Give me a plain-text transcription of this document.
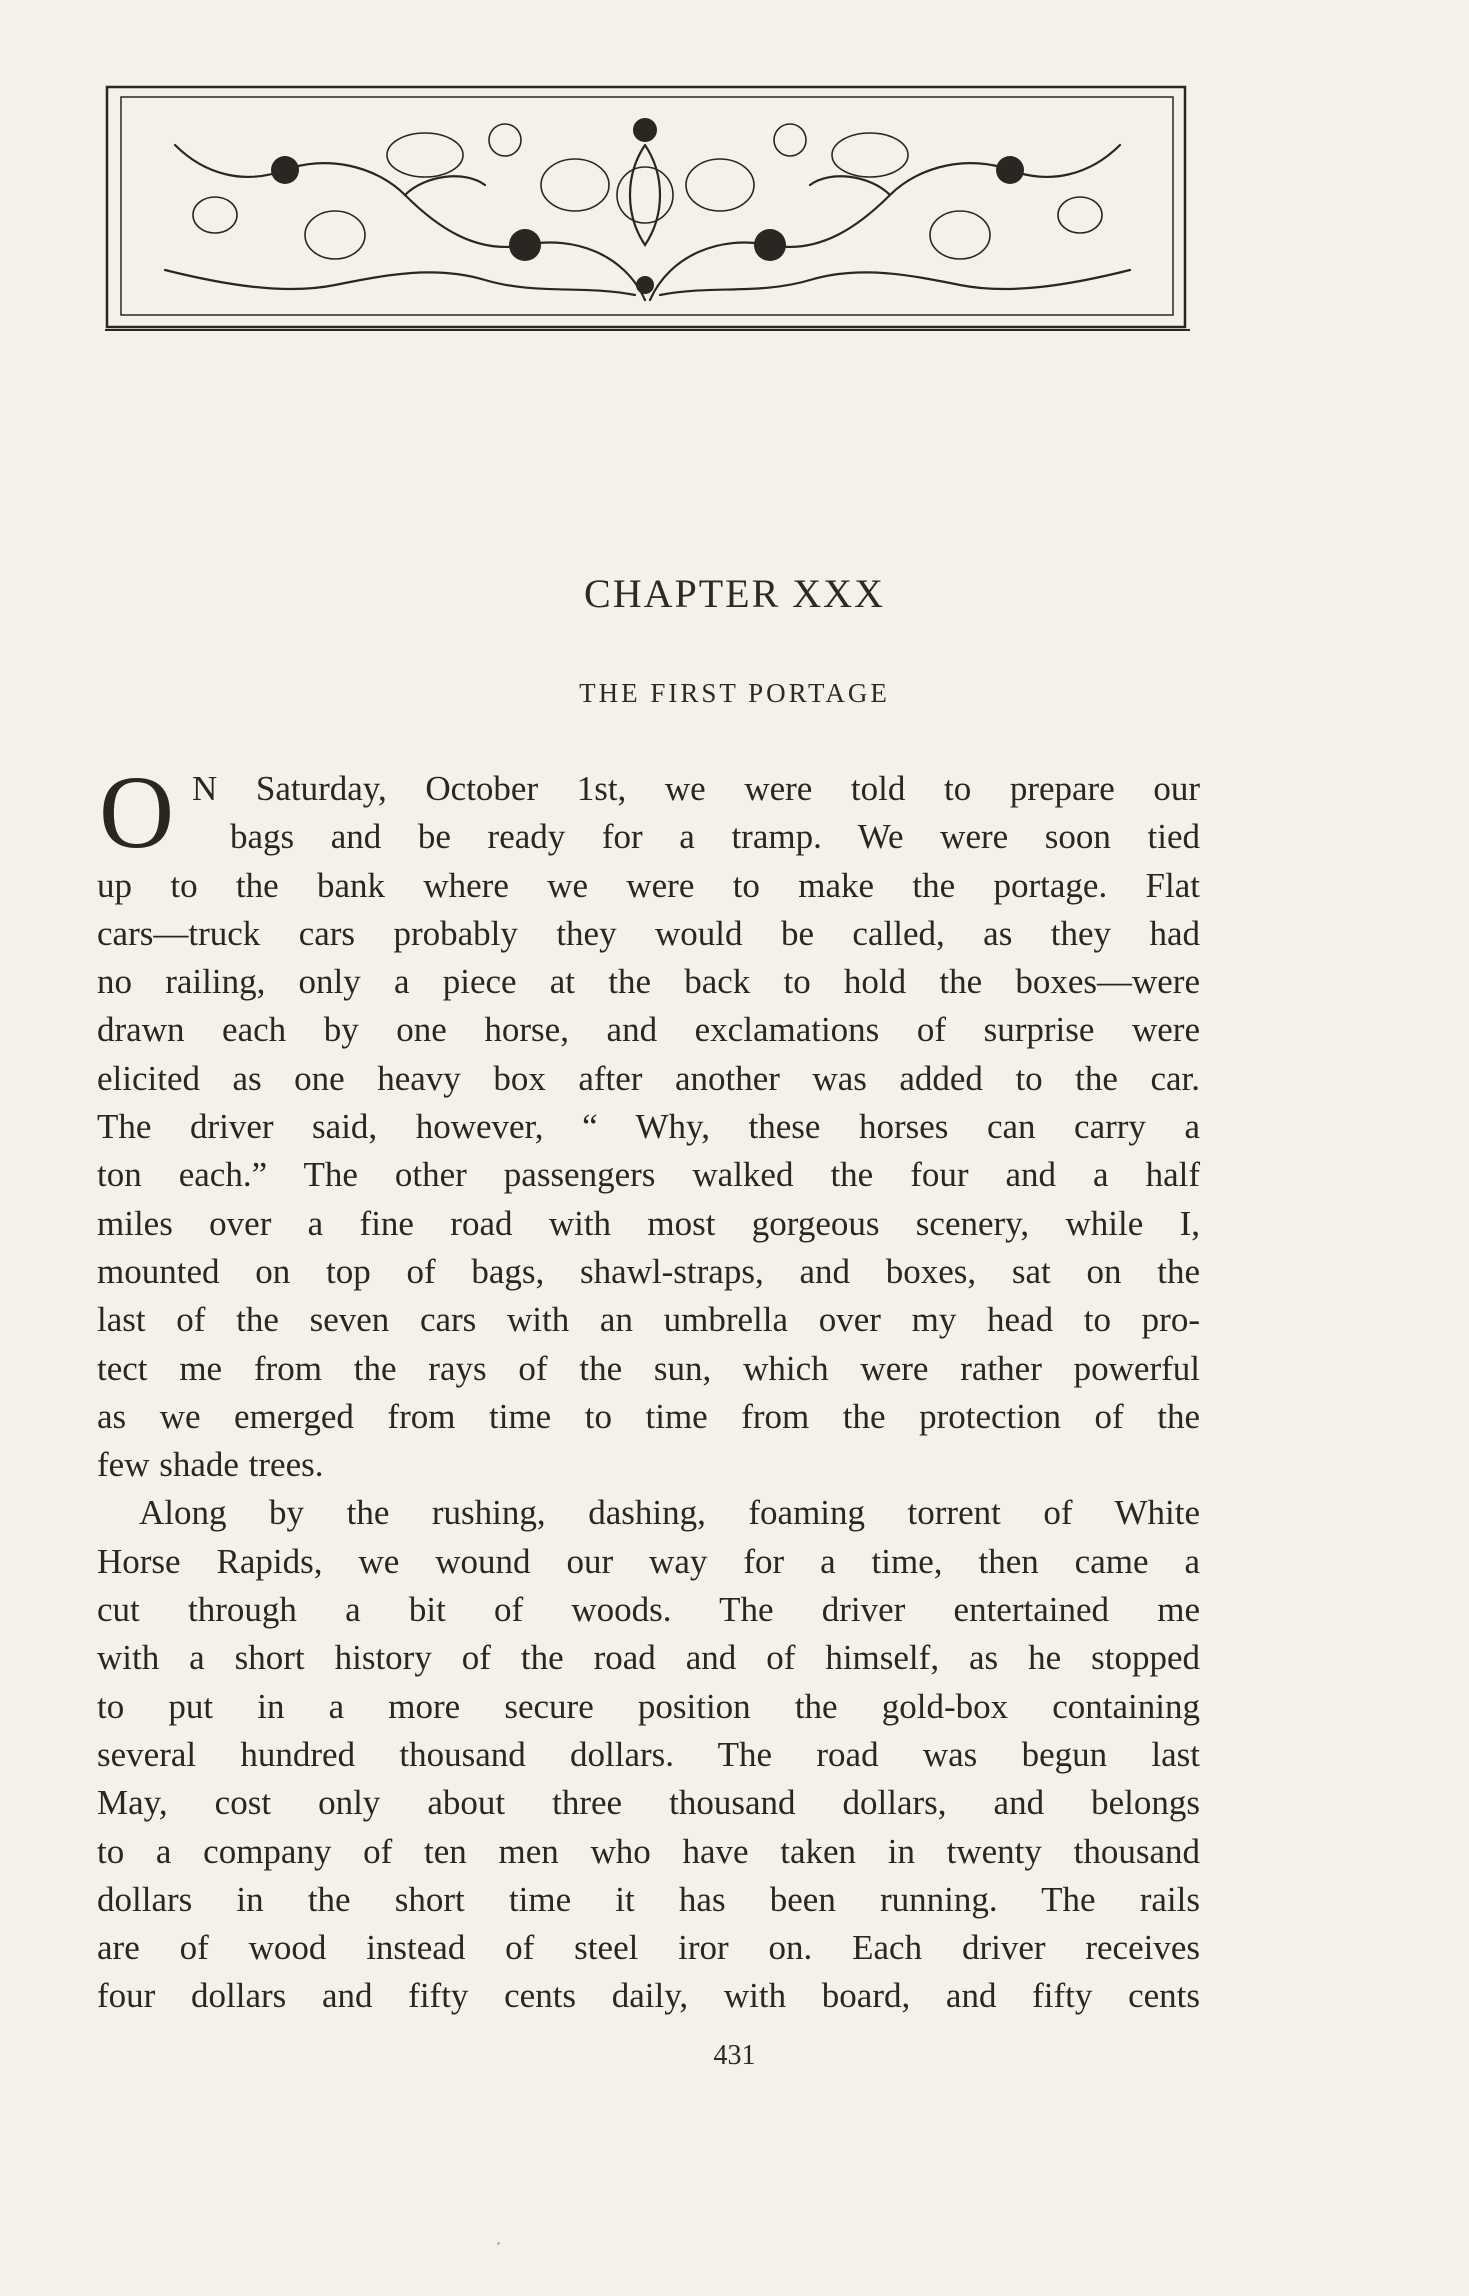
CHAPTER XXX
THE FIRST PORTAGE
O N Saturday, October 1st, we were told to prepare our
bags and be ready for a tramp. We were soon tied
up to the bank where we were to make the portage. Flat
cars—truck cars probably they would be called, as they had
no railing, only a piece at the back to hold the boxes—were
drawn each by one horse, and exclamations of surprise were
elicited as one heavy box after another was added to the car.
The driver said, however, “ Why, these horses can carry a
ton each.” The other passengers walked the four and a half
miles over a fine road with most gorgeous scenery, while I,
mounted on top of bags, shawl-straps, and boxes, sat on the
last of the seven cars with an umbrella over my head to pro-
tect me from the rays of the sun, which were rather powerful
as we emerged from time to time from the protection of the
few shade trees.
Along by the rushing, dashing, foaming torrent of White
Horse Rapids, we wound our way for a time, then came a
cut through a bit of woods. The driver entertained me
with a short history of the road and of himself, as he stopped
to put in a more secure position the gold-box containing
several hundred thousand dollars. The road was begun last
May, cost only about three thousand dollars, and belongs
to a company of ten men who have taken in twenty thousand
dollars in the short time it has been running. The rails
are of wood instead of steel iror on. Each driver receives
four dollars and fifty cents daily, with board, and fifty cents
431
